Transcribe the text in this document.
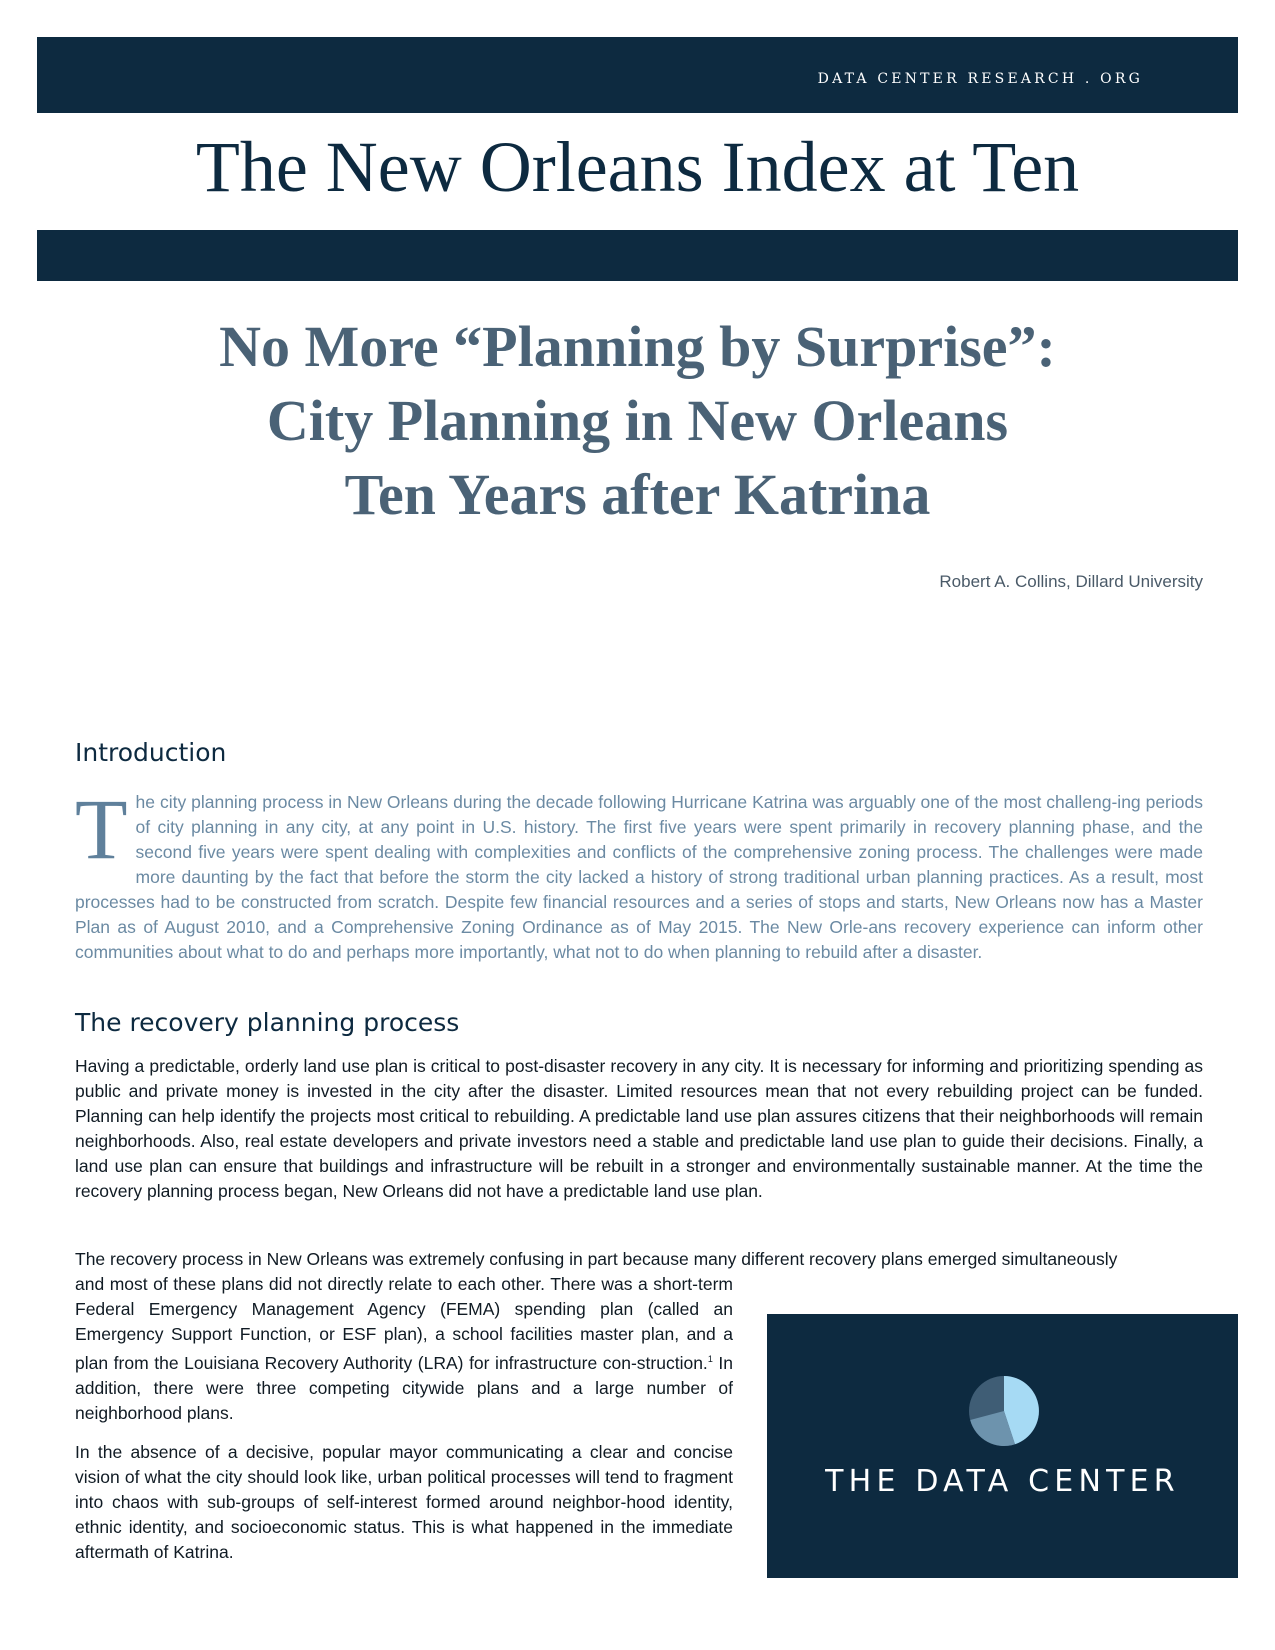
DATA CENTER RESEARCH . ORG
The New Orleans Index at Ten
No More “Planning by Surprise”:
City Planning in New Orleans
Ten Years after Katrina
Robert A. Collins, Dillard University
Introduction
T he city planning process in New Orleans during the decade following Hurricane Katrina was arguably one of the most challeng-ing periods of city planning in any city, at any point in U.S. history. The first five years were spent primarily in recovery planning phase, and the second five years were spent dealing with complexities and conflicts of the comprehensive zoning process. The challenges were made more daunting by the fact that before the storm the city lacked a history of strong traditional urban planning practices. As a result, most processes had to be constructed from scratch. Despite few financial resources and a series of stops and starts, New Orleans now has a Master Plan as of August 2010, and a Comprehensive Zoning Ordinance as of May 2015. The New Orle-ans recovery experience can inform other communities about what to do and perhaps more importantly, what not to do when planning to rebuild after a disaster.
The recovery planning process

Having a predictable, orderly land use plan is critical to post-disaster recovery in any city. It is necessary for informing and prioritizing spending as public and private money is invested in the city after the disaster. Limited resources mean that not every rebuilding project can be funded. Planning can help identify the projects most critical to rebuilding. A predictable land use plan assures citizens that their neighborhoods will remain neighborhoods. Also, real estate developers and private investors need a stable and predictable land use plan to guide their decisions. Finally, a land use plan can ensure that buildings and infrastructure will be rebuilt in a stronger and environmentally sustainable manner. At the time the recovery planning process began, New Orleans did not have a predictable land use plan.

The recovery process in New Orleans was extremely confusing in part because many different recovery plans emerged simultaneously

and most of these plans did not directly relate to each other. There was a short-term Federal Emergency Management Agency (FEMA) spending plan (called an Emergency Support Function, or ESF plan), a school facilities master plan, and a plan from the Louisiana Recovery Authority (LRA) for infrastructure con-struction.$^1$ In addition, there were three competing citywide plans and a large number of neighborhood plans.

In the absence of a decisive, popular mayor communicating a clear and concise vision of what the city should look like, urban political processes will tend to fragment into chaos with sub-groups of self-interest formed around neighbor-hood identity, ethnic identity, and socioeconomic status. This is what happened in the immediate aftermath of Katrina.

THE DATA CENTER
